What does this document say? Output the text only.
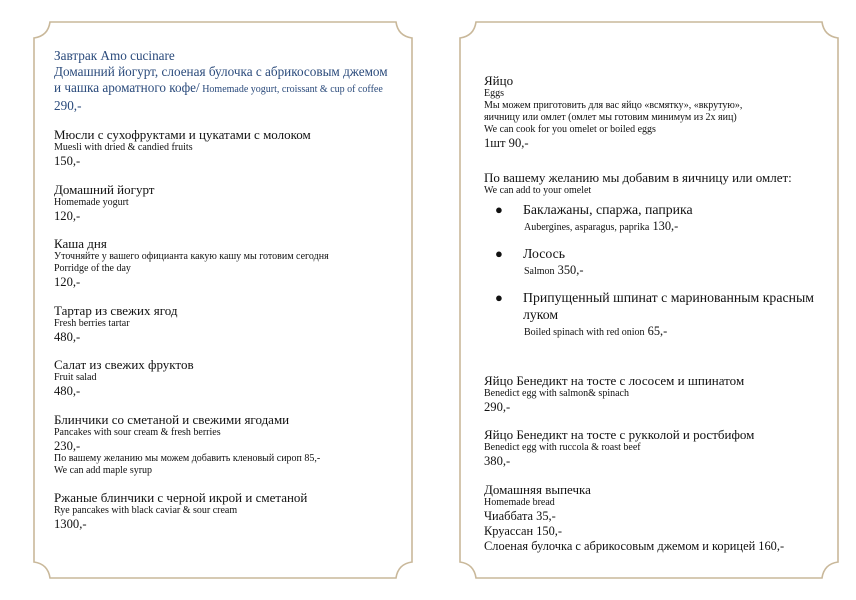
Завтрак Amo cucinare
Домашний йогурт, слоеная булочка с абрикосовым джемом и чашка ароматного кофе/ Homemade yogurt, croissant & cup of coffee
290,-
Мюсли с сухофруктами и цукатами с молоком
Muesli with dried & candied fruits
150,-
Домашний йогурт
Homemade yogurt
120,-
Каша дня
Уточняйте у вашего официанта какую кашу мы готовим сегодня
Porridge of the day
120,-
Тартар из свежих ягод
Fresh berries tartar
480,-
Салат из свежих фруктов
Fruit salad
480,-
Блинчики со сметаной и свежими ягодами
Pancakes with sour cream & fresh berries
230,-
По вашему желанию мы можем добавить кленовый сироп 85,-
We can add maple syrup
Ржаные блинчики с черной икрой и сметаной
Rye pancakes with black caviar & sour cream
1300,-
Яйцо
Eggs
Мы можем приготовить для вас яйцо «всмятку», «вкрутую»,
яичницу или омлет (омлет мы готовим минимум из 2х яиц)
We can cook for you omelet or boiled eggs
1шт 90,-
По вашему желанию мы добавим в яичницу или омлет:
We can add to your omelet
●	Баклажаны, спаржа, паприка
Aubergines, asparagus, paprika 130,-
●	Лосось
Salmon 350,-
●	Припущенный шпинат с маринованным красным луком
Boiled spinach with red onion 65,-
Яйцо Бенедикт на тосте с лососем и шпинатом
Benedict egg with salmon& spinach
290,-
Яйцо Бенедикт на тосте с рукколой и ростбифом
Benedict egg with ruccola & roast beef
380,-
Домашняя выпечка
Homemade bread
Чиаббата 35,-
Круассан 150,-
Слоеная булочка с абрикосовым джемом и корицей 160,-
